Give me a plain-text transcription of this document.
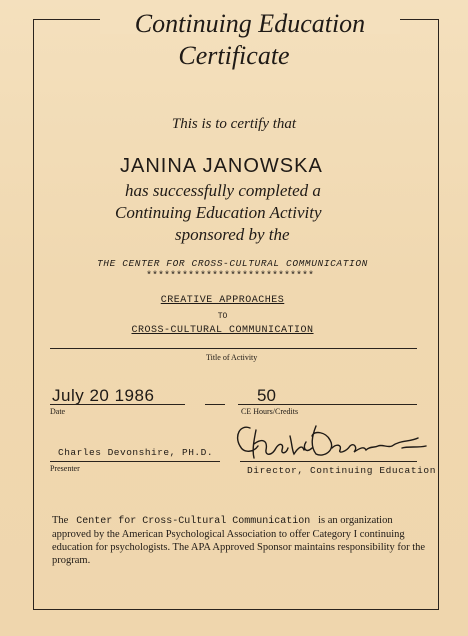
Continuing Education
Certificate
This is to certify that
JANINA JANOWSKA
has successfully completed a
Continuing Education Activity
sponsored by the
THE CENTER FOR CROSS-CULTURAL COMMUNICATION
****************************
CREATIVE APPROACHES
TO
CROSS-CULTURAL COMMUNICATION
Title of Activity
July 20 1986	50
Date	CE Hours/Credits
Charles Devonshire, PH.D.
Presenter	Director, Continuing Education
The Center for Cross-Cultural Communication is an organization approved by the American Psychological Association to offer Category I continuing education for psychologists. The APA Approved Sponsor maintains responsibility for the program.
